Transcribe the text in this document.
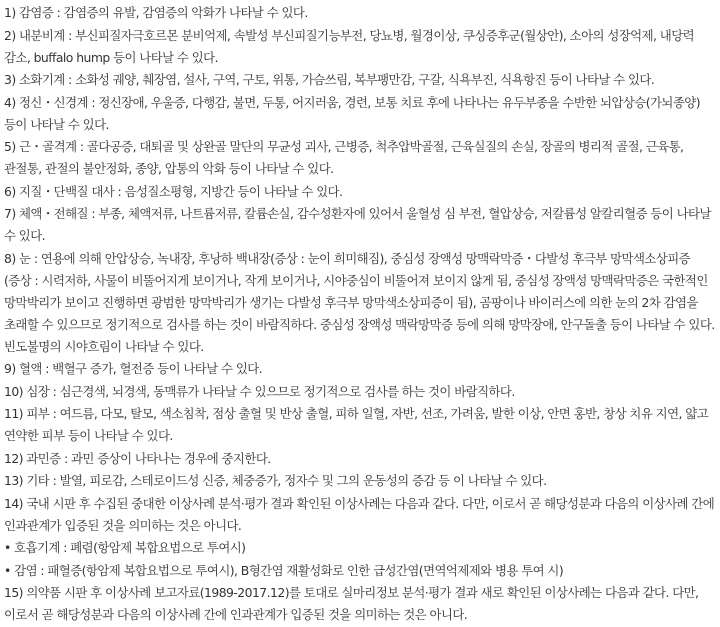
1) 감염증 : 감염증의 유발, 감염증의 악화가 나타날 수 있다.

2) 내분비계 : 부신피질자극호르몬 분비억제, 속발성 부신피질기능부전, 당뇨병, 월경이상, 쿠싱증후군(월상안), 소아의 성장억제, 내당력 감소, buffalo hump 등이 나타날 수 있다.

3) 소화기계 : 소화성 궤양, 췌장염, 설사, 구역, 구토, 위통, 가슴쓰림, 복부팽만감, 구갈, 식욕부진, 식욕항진 등이 나타날 수 있다.

4) 정신・신경계 : 정신장애, 우울증, 다행감, 불면, 두통, 어지러움, 경련, 보통 치료 후에 나타나는 유두부종을 수반한 뇌압상승(가뇌종양) 등이 나타날 수 있다.

5) 근・골격계 : 골다공증, 대퇴골 및 상완골 말단의 무균성 괴사, 근병증, 척추압박골절, 근육실질의 손실, 장골의 병리적 골절, 근육통, 관절통, 관절의 불안정화, 종양, 압통의 악화 등이 나타날 수 있다.

6) 지질・단백질 대사 : 음성질소평형, 지방간 등이 나타날 수 있다.

7) 체액・전해질 : 부종, 체액저류, 나트륨저류, 칼륨손실, 감수성환자에 있어서 울혈성 심 부전, 혈압상승, 저칼륨성 알칼리혈증 등이 나타날 수 있다.

8) 눈 : 연용에 의해 안압상승, 녹내장, 후낭하 백내장(증상 : 눈이 희미해짐), 중심성 장액성 망맥락막증・다발성 후극부 망막색소상피증(증상 : 시력저하, 사물이 비뚤어지게 보이거나, 작게 보이거나, 시야중심이 비뚤어져 보이지 않게 됨, 중심성 장액성 망맥락막증은 국한적인 망막박리가 보이고 진행하면 광범한 망막박리가 생기는 다발성 후극부 망막색소상피증이 됨), 곰팡이나 바이러스에 의한 눈의 2차 감염을 초래할 수 있으므로 정기적으로 검사를 하는 것이 바람직하다. 중심성 장액성 맥락망막증 등에 의해 망막장애, 안구돌출 등이 나타날 수 있다. 빈도불명의 시야흐림이 나타날 수 있다.

9) 혈액 : 백혈구 증가, 혈전증 등이 나타날 수 있다.

10) 심장 : 심근경색, 뇌경색, 동맥류가 나타날 수 있으므로 정기적으로 검사를 하는 것이 바람직하다.

11) 피부 : 여드름, 다모, 탈모, 색소침착, 점상 출혈 및 반상 출혈, 피하 일혈, 자반, 선조, 가려움, 발한 이상, 안면 홍반, 창상 치유 지연, 얇고 연약한 피부 등이 나타날 수 있다.

12) 과민증 : 과민 증상이 나타나는 경우에 중지한다.

13) 기타 : 발열, 피로감, 스테로이드성 신증, 체중증가, 정자수 및 그의 운동성의 증감 등 이 나타날 수 있다.

14) 국내 시판 후 수집된 중대한 이상사례 분석·평가 결과 확인된 이상사례는 다음과 같다. 다만, 이로서 곧 해당성분과 다음의 이상사례 간에 인과관계가 입증된 것을 의미하는 것은 아니다.

• 호흡기계 : 폐렴(항암제 복합요법으로 투여시)

• 감염 : 패혈증(항암제 복합요법으로 투여시), B형간염 재활성화로 인한 급성간염(면역억제제와 병용 투여 시)

15) 의약품 시판 후 이상사례 보고자료(1989-2017.12)를 토대로 실마리정보 분석·평가 결과 새로 확인된 이상사례는 다음과 같다. 다만, 이로서 곧 해당성분과 다음의 이상사례 간에 인과관계가 입증된 것을 의미하는 것은 아니다.
